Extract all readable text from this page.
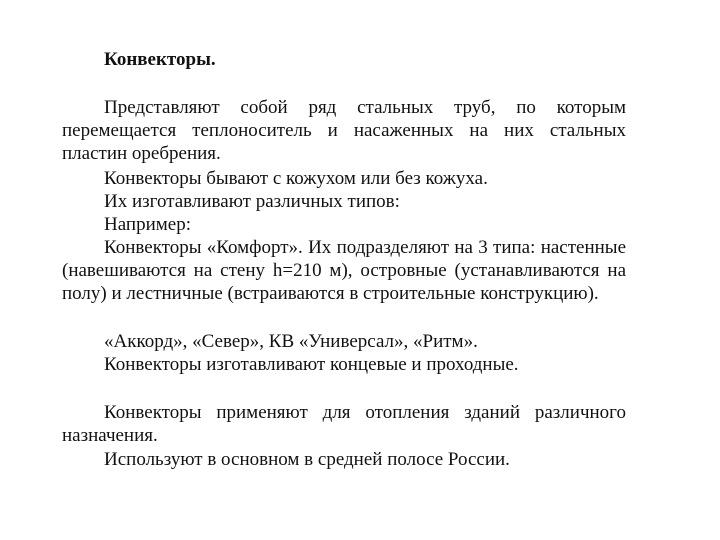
Конвекторы.

Представляют собой ряд стальных труб, по которым перемещается теплоноситель и насаженных на них стальных пластин оребрения.

Конвекторы бывают с кожухом или без кожуха.

Их изготавливают различных типов:

Например:

Конвекторы «Комфорт». Их подразделяют на 3 типа: настенные (навешиваются на стену h=210 м), островные (устанавливаются на полу) и лестничные (встраиваются в строительные конструкцию).

«Аккорд», «Север», КВ «Универсал», «Ритм».

Конвекторы изготавливают концевые и проходные.

Конвекторы применяют для отопления зданий различного назначения.

Используют в основном в средней полосе России.
